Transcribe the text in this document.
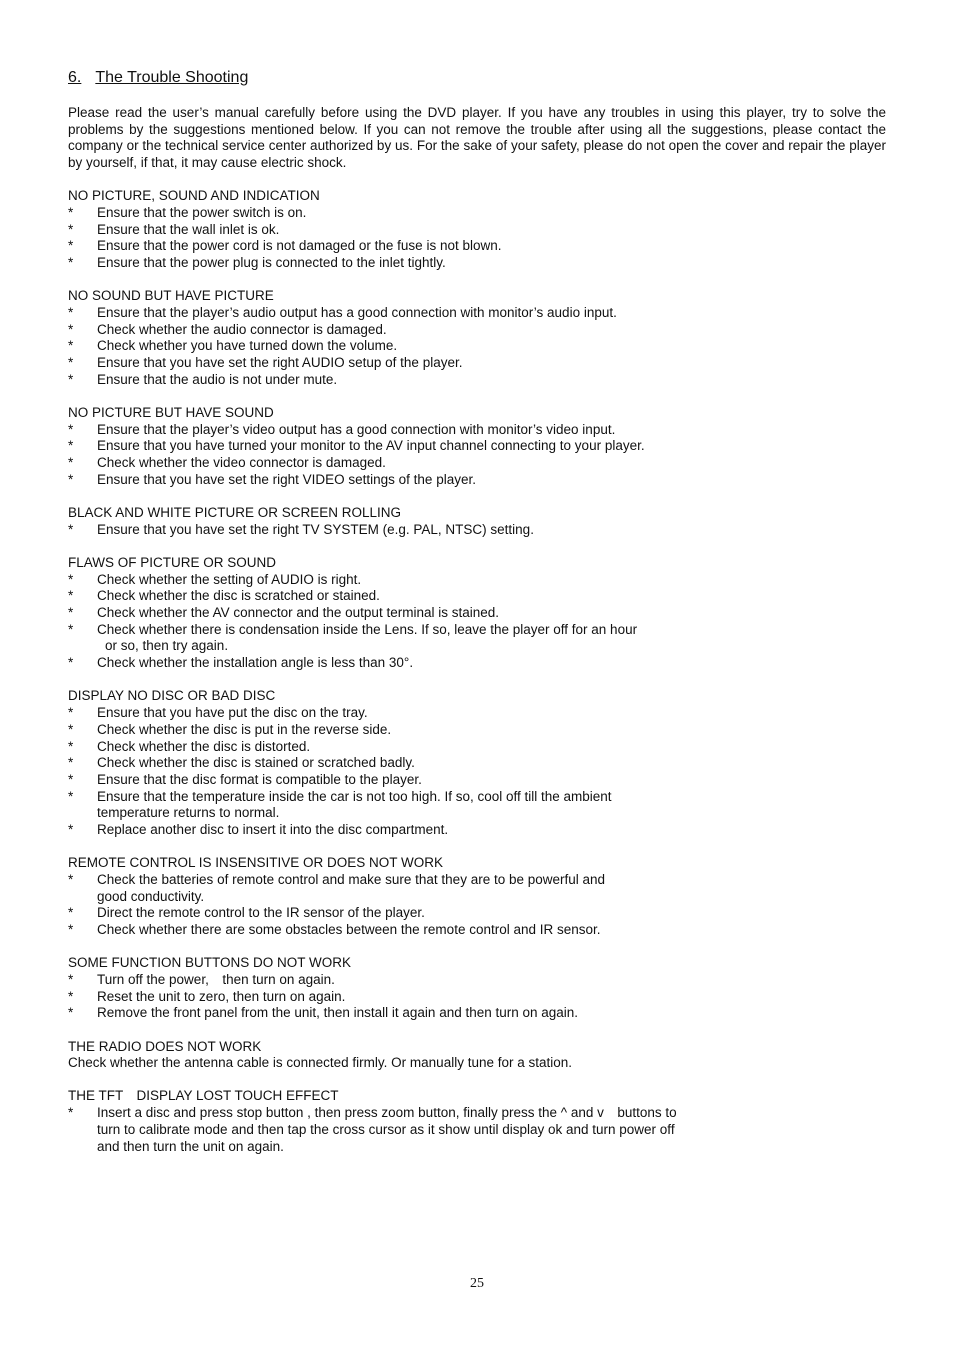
6. The Trouble Shooting

Please read the user’s manual carefully before using the DVD player. If you have any troubles in using this player, try to solve the problems by the suggestions mentioned below. If you can not remove the trouble after using all the suggestions, please contact the company or the technical service center authorized by us. For the sake of your safety, please do not open the cover and repair the player by yourself, if that, it may cause electric shock.

NO PICTURE, SOUND AND INDICATION

* Ensure that the power switch is on.
* Ensure that the wall inlet is ok.
* Ensure that the power cord is not damaged or the fuse is not blown.
* Ensure that the power plug is connected to the inlet tightly.

NO SOUND BUT HAVE PICTURE

* Ensure that the player’s audio output has a good connection with monitor’s audio input.
* Check whether the audio connector is damaged.
* Check whether you have turned down the volume.
* Ensure that you have set the right AUDIO setup of the player.
* Ensure that the audio is not under mute.

NO PICTURE BUT HAVE SOUND

* Ensure that the player’s video output has a good connection with monitor’s video input.
* Ensure that you have turned your monitor to the AV input channel connecting to your player.
* Check whether the video connector is damaged.
* Ensure that you have set the right VIDEO settings of the player.

BLACK AND WHITE PICTURE OR SCREEN ROLLING

* Ensure that you have set the right TV SYSTEM (e.g. PAL, NTSC) setting.

FLAWS OF PICTURE OR SOUND

* Check whether the setting of AUDIO is right.
* Check whether the disc is scratched or stained.
* Check whether the AV connector and the output terminal is stained.
* Check whether there is condensation inside the Lens. If so, leave the player off for an hour
or so, then try again.
* Check whether the installation angle is less than 30°.

DISPLAY NO DISC OR BAD DISC

* Ensure that you have put the disc on the tray.
* Check whether the disc is put in the reverse side.
* Check whether the disc is distorted.
* Check whether the disc is stained or scratched badly.
* Ensure that the disc format is compatible to the player.
* Ensure that the temperature inside the car is not too high. If so, cool off till the ambient
temperature returns to normal.
* Replace another disc to insert it into the disc compartment.

REMOTE CONTROL IS INSENSITIVE OR DOES NOT WORK

* Check the batteries of remote control and make sure that they are to be powerful and
good conductivity.
* Direct the remote control to the IR sensor of the player.
* Check whether there are some obstacles between the remote control and IR sensor.

SOME FUNCTION BUTTONS DO NOT WORK

* Turn off the power,　then turn on again.
* Reset the unit to zero, then turn on again.
* Remove the front panel from the unit, then install it again and then turn on again.

THE RADIO DOES NOT WORK

Check whether the antenna cable is connected firmly. Or manually tune for a station.

THE TFT　DISPLAY LOST TOUCH EFFECT

* Insert a disc and press stop button , then press zoom button, finally press the ^ and v　buttons to
turn to calibrate mode and then tap the cross cursor as it show until display ok and turn power off
and then turn the unit on again.
25
